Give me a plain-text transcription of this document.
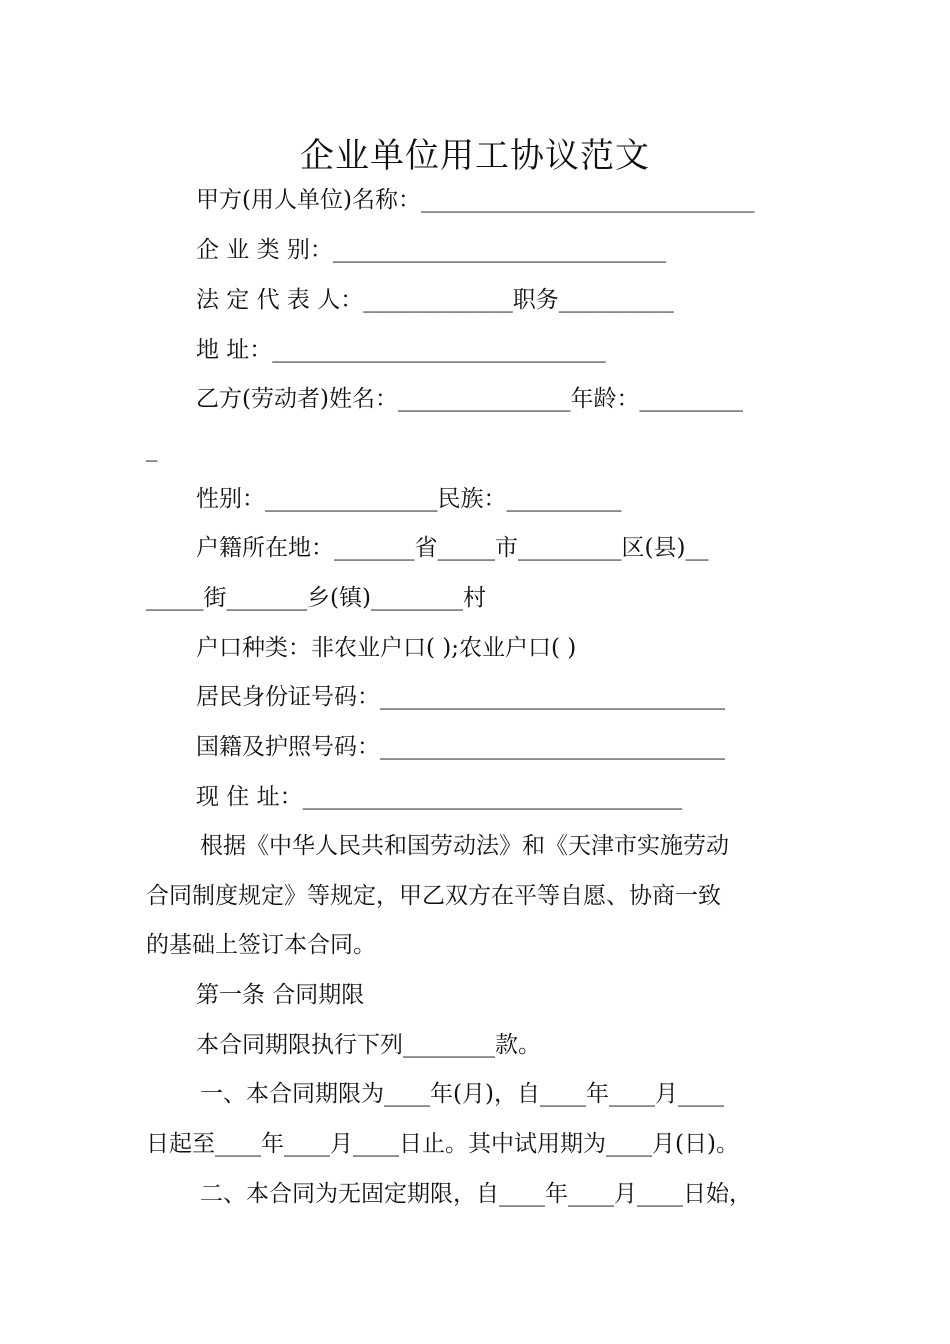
企业单位用工协议范文
甲方(用人单位)名称：_____________________________
企 业 类 别：_____________________________
法 定 代 表 人：_____________职务__________
地 址：_____________________________
乙方(劳动者)姓名：_______________年龄：_________
_
性别：_______________民族：__________
户籍所在地：_______省_____市_________区(县)__
_____街_______乡(镇)________村
户口种类：非农业户口( );农业户口( )
居民身份证号码：______________________________
国籍及护照号码：______________________________
现 住 址：_________________________________
根据《中华人民共和国劳动法》和《天津市实施劳动
合同制度规定》等规定，甲乙双方在平等自愿、协商一致
的基础上签订本合同。
第一条 合同期限
本合同期限执行下列________款。
一、本合同期限为____年(月)，自____年____月____
日起至____年____月____日止。其中试用期为____月(日)。
二、本合同为无固定期限，自____年____月____日始，
